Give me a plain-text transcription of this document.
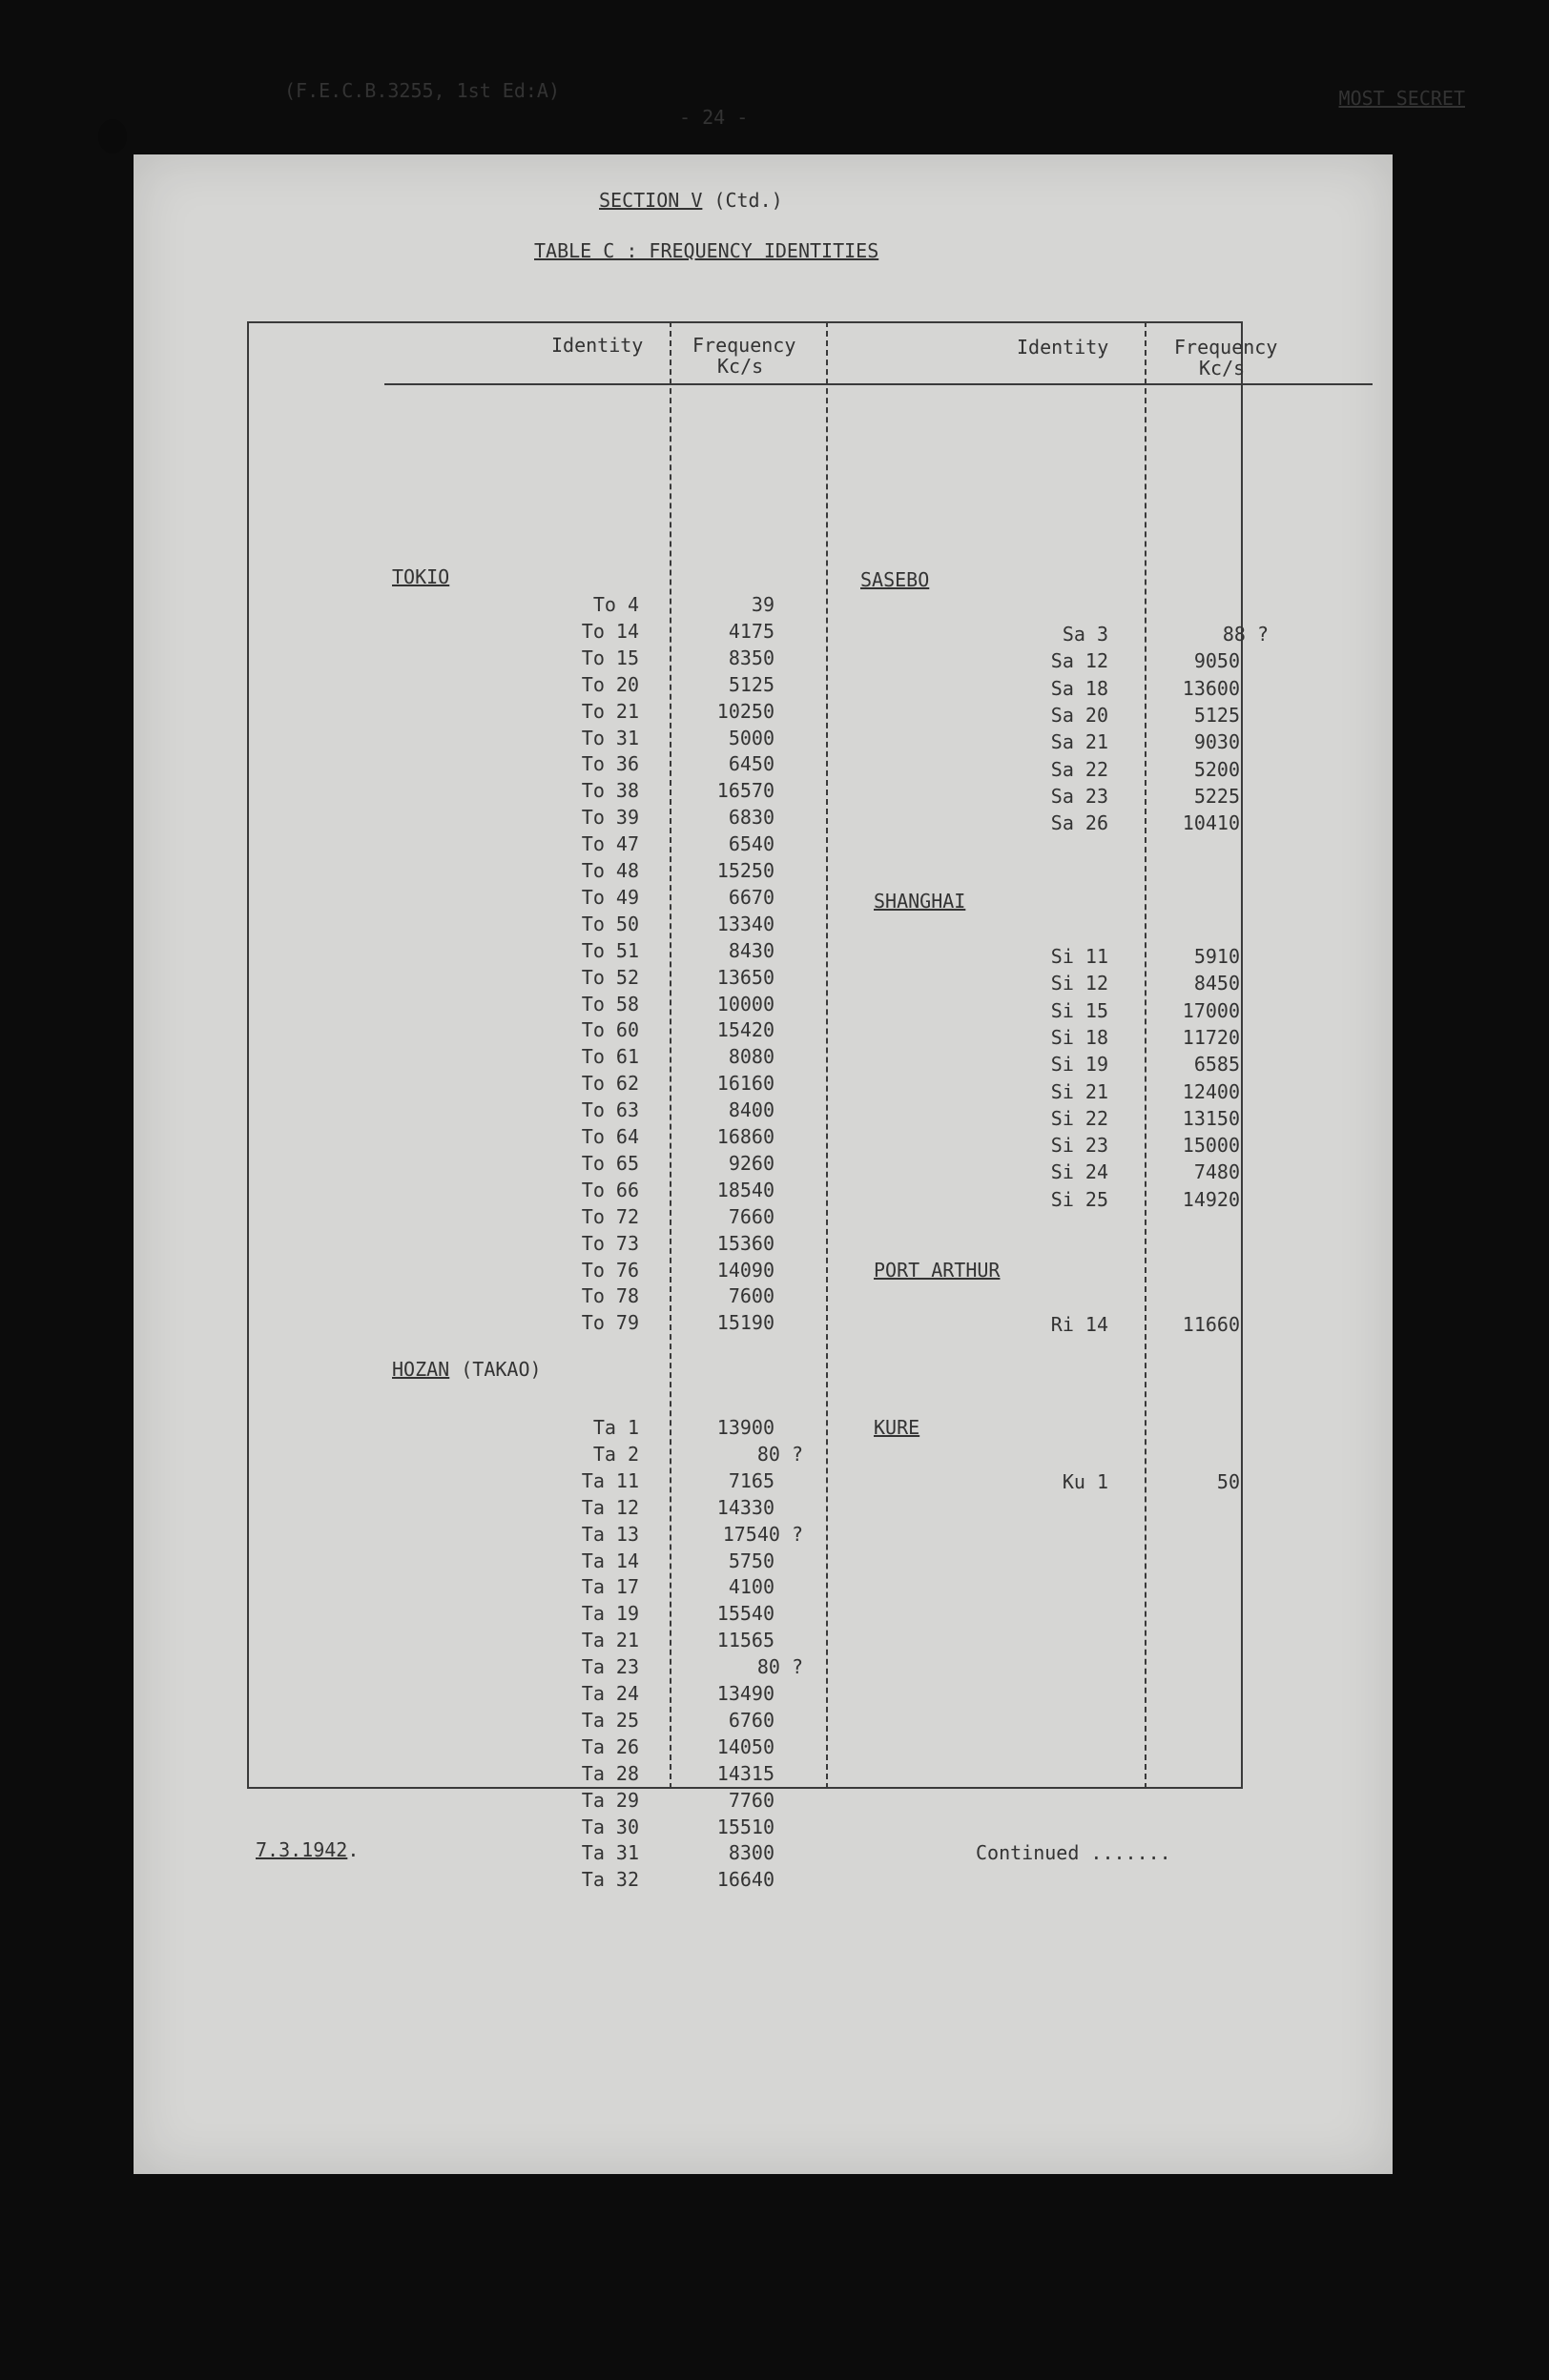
(F.E.C.B.3255, 1st Ed:A)
- 24 -
MOST SECRET
SECTION V (Ctd.)
TABLE C : FREQUENCY IDENTITIES
Identity	Frequency
Kc/s
Identity	Frequency
Kc/s
TOKIO
To 4	39
To 14	4175
To 15	8350
To 20	5125
To 21	10250
To 31	5000
To 36	6450
To 38	16570
To 39	6830
To 47	6540
To 48	15250
To 49	6670
To 50	13340
To 51	8430
To 52	13650
To 58	10000
To 60	15420
To 61	8080
To 62	16160
To 63	8400
To 64	16860
To 65	9260
To 66	18540
To 72	7660
To 73	15360
To 76	14090
To 78	7600
To 79	15190
HOZAN (TAKAO)
Ta 1	13900
Ta 2	80 ?
Ta 11	7165
Ta 12	14330
Ta 13	17540 ?
Ta 14	5750
Ta 17	4100
Ta 19	15540
Ta 21	11565
Ta 23	80 ?
Ta 24	13490
Ta 25	6760
Ta 26	14050
Ta 28	14315
Ta 29	7760
Ta 30	15510
Ta 31	8300
Ta 32	16640
SASEBO
Sa 3	88 ?
Sa 12	9050
Sa 18	13600
Sa 20	5125
Sa 21	9030
Sa 22	5200
Sa 23	5225
Sa 26	10410
SHANGHAI
Si 11	5910
Si 12	8450
Si 15	17000
Si 18	11720
Si 19	6585
Si 21	12400
Si 22	13150
Si 23	15000
Si 24	7480
Si 25	14920
PORT ARTHUR
Ri 14	11660
KURE
Ku 1	50
7.3.1942.	Continued .......
